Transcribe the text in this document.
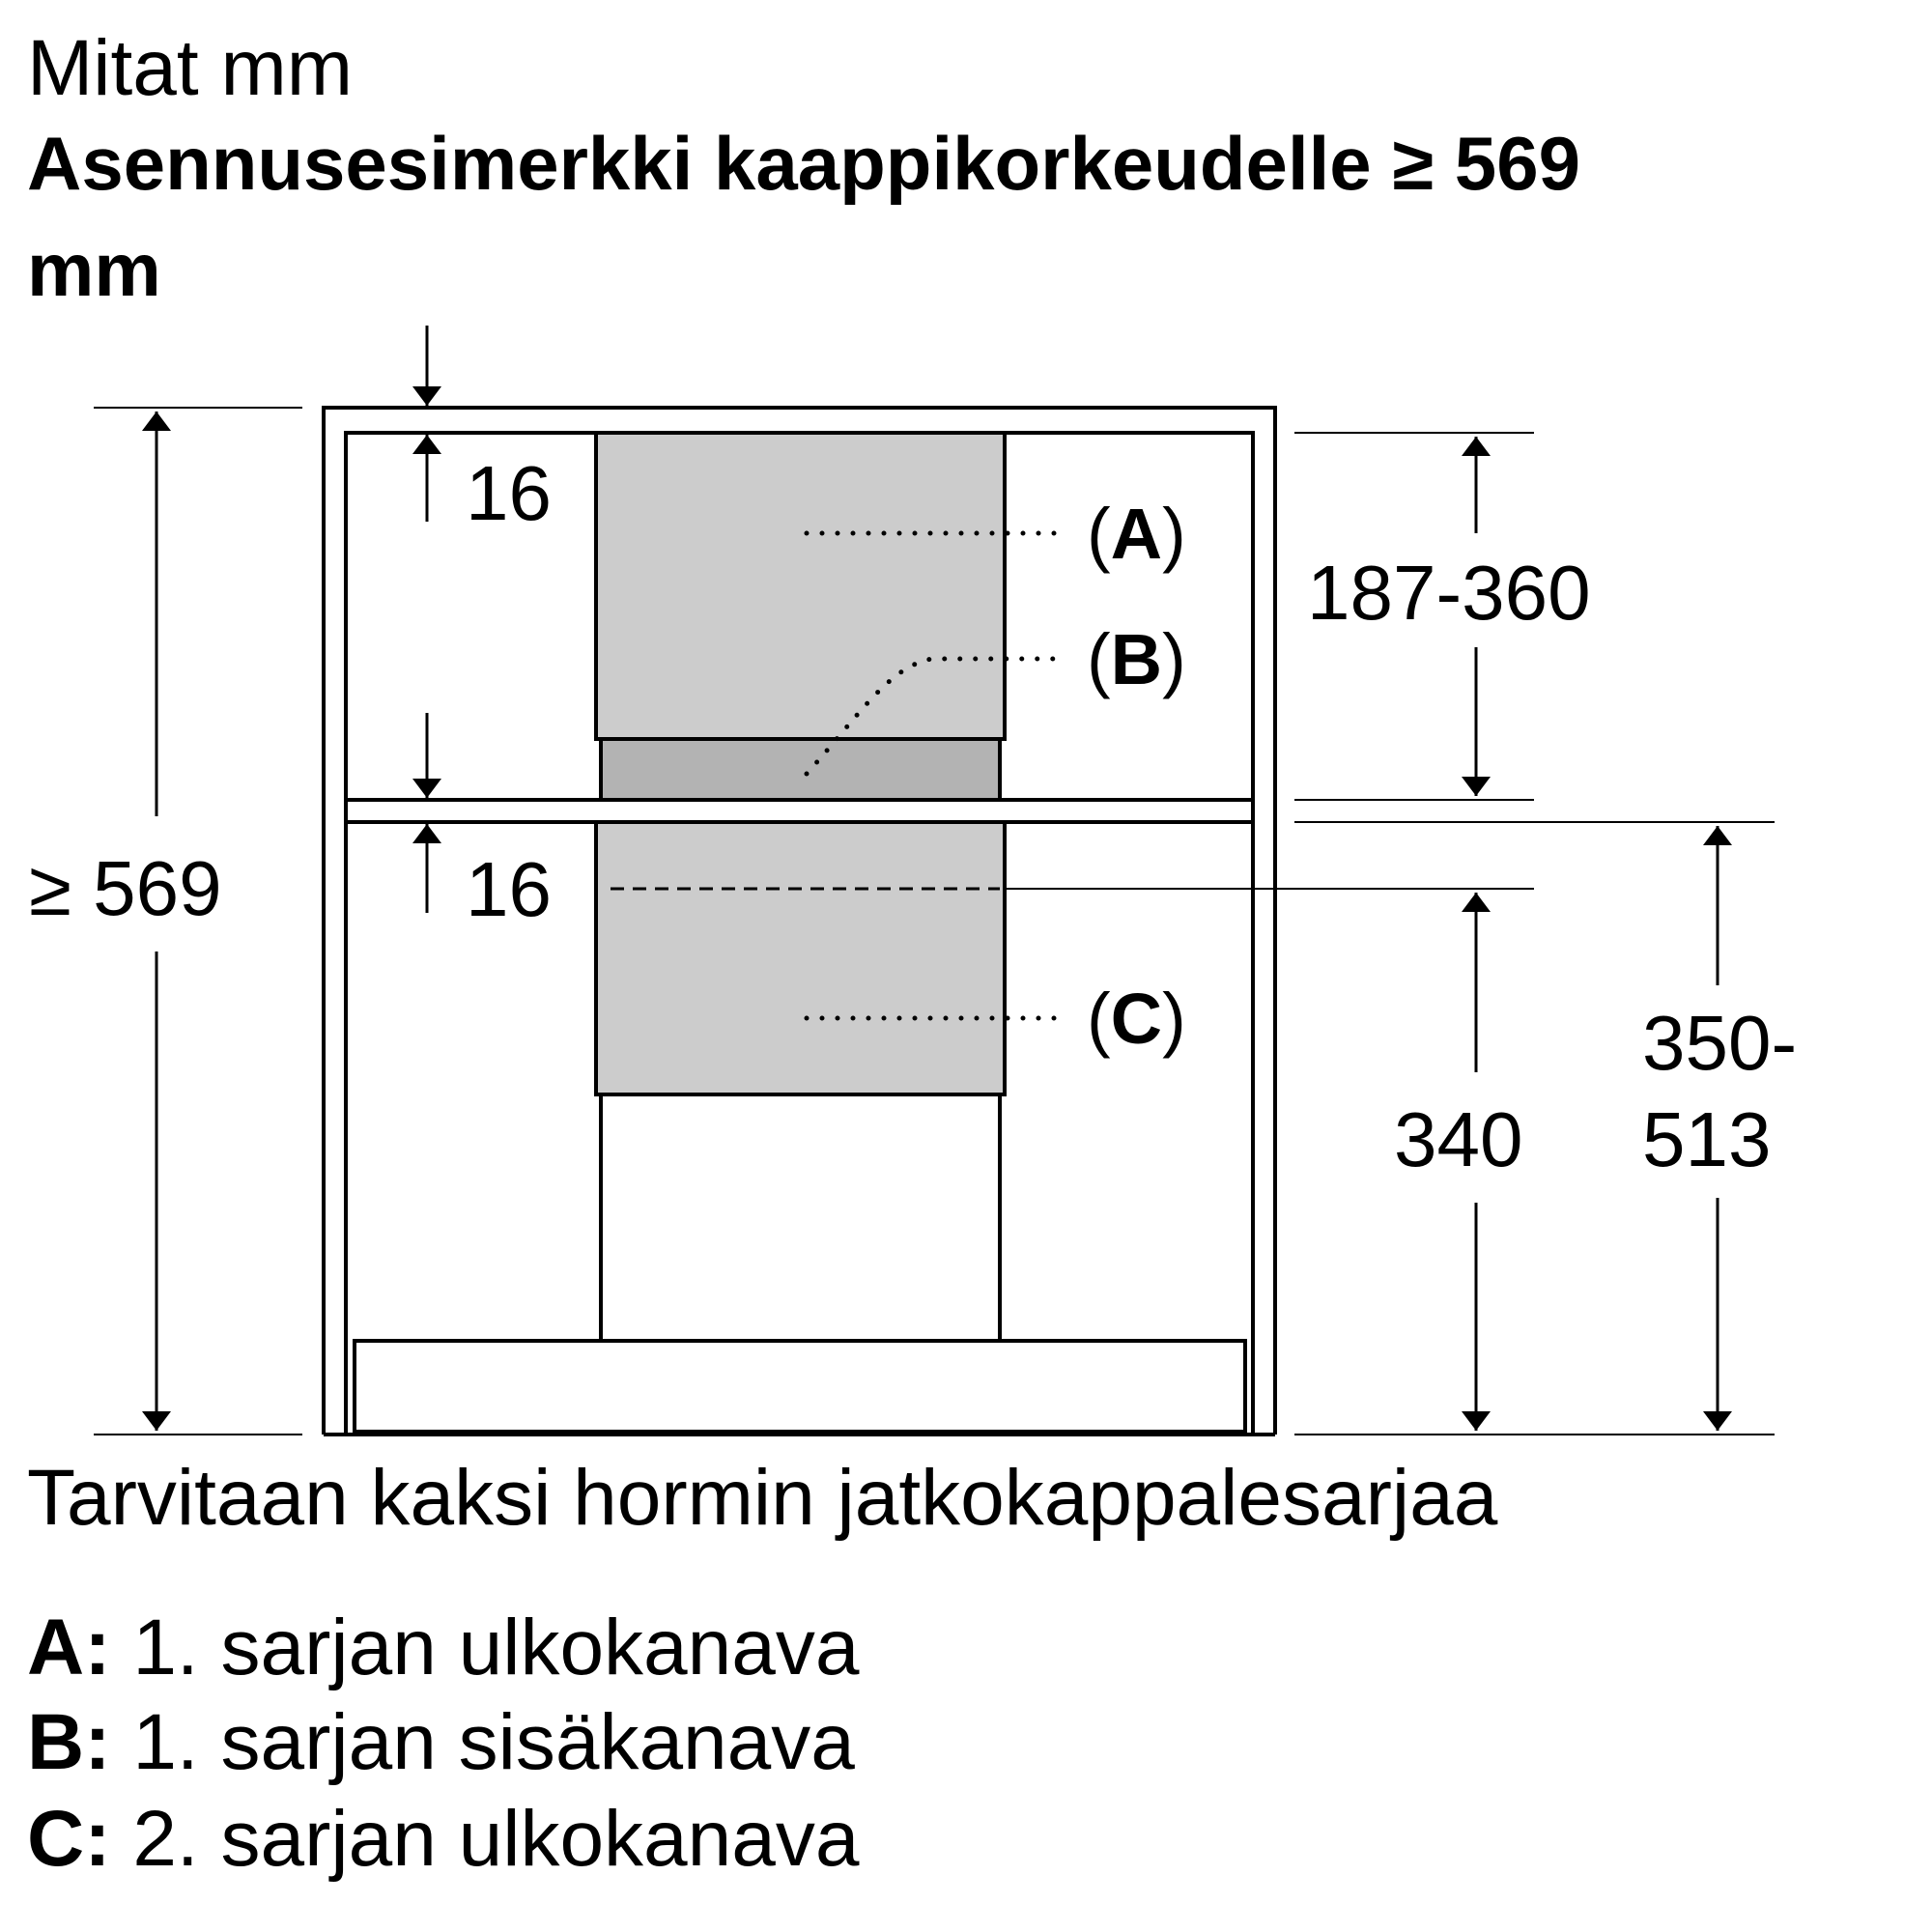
Mitat mm
Asennusesimerkki kaappikorkeudelle ≥ 569
mm
(A)
(B)
(C)
≥ 569
16
16
187-360
340
350-
513
Tarvitaan kaksi hormin jatkokappalesarjaa
A: 1. sarjan ulkokanava
B: 1. sarjan sisäkanava
C: 2. sarjan ulkokanava
